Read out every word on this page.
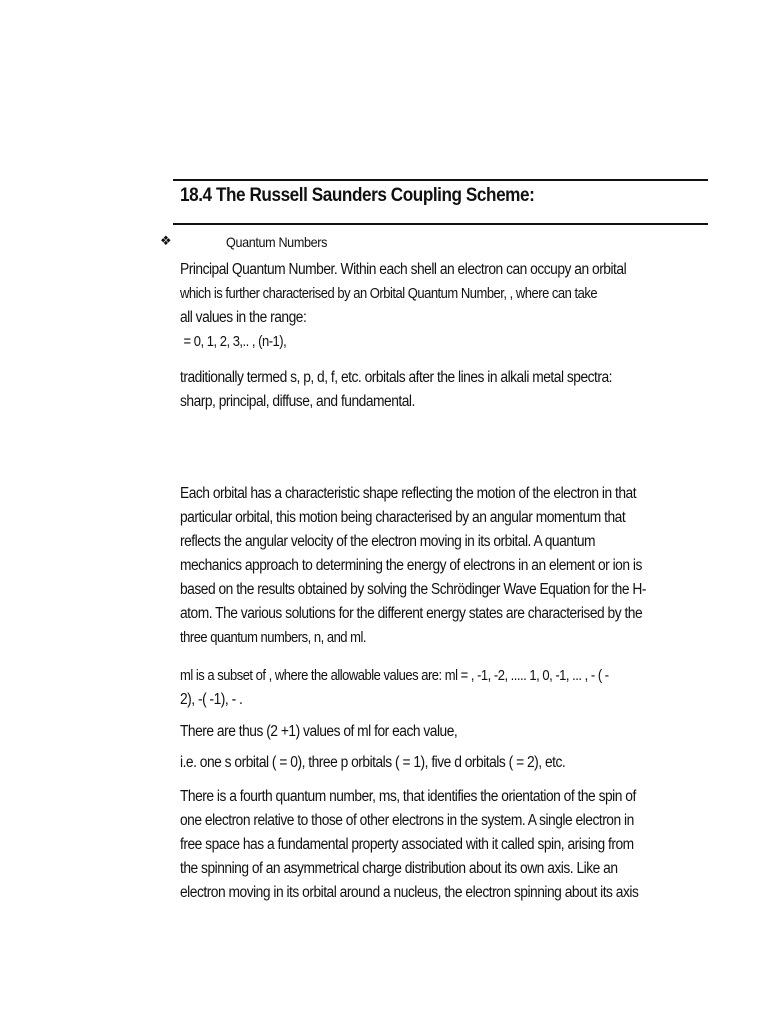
18.4 The Russell Saunders Coupling Scheme:
❖	Quantum Numbers
Principal Quantum Number. Within each shell an electron can occupy an orbital
which is further characterised by an Orbital Quantum Number, , where can take
all values in the range:
= 0, 1, 2, 3,.. , (n-1),
traditionally termed s, p, d, f, etc. orbitals after the lines in alkali metal spectra:
sharp, principal, diffuse, and fundamental.
Each orbital has a characteristic shape reflecting the motion of the electron in that
particular orbital, this motion being characterised by an angular momentum that
reflects the angular velocity of the electron moving in its orbital. A quantum
mechanics approach to determining the energy of electrons in an element or ion is
based on the results obtained by solving the Schrödinger Wave Equation for the H-
atom. The various solutions for the different energy states are characterised by the
three quantum numbers, n, and ml.
ml is a subset of , where the allowable values are: ml = , -1, -2, ..... 1, 0, -1, ... , - ( -
2), -( -1), - .
There are thus (2 +1) values of ml for each value,
i.e. one s orbital ( = 0), three p orbitals ( = 1), five d orbitals ( = 2), etc.
There is a fourth quantum number, ms, that identifies the orientation of the spin of
one electron relative to those of other electrons in the system. A single electron in
free space has a fundamental property associated with it called spin, arising from
the spinning of an asymmetrical charge distribution about its own axis. Like an
electron moving in its orbital around a nucleus, the electron spinning about its axis
